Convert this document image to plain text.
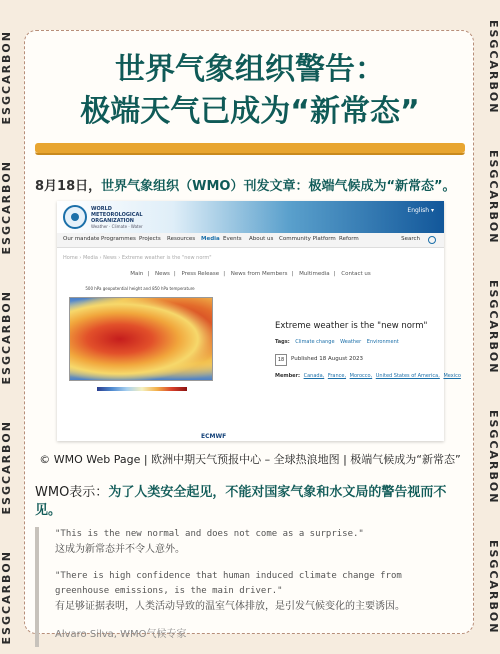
ESGCARBON
ESGCARBON
ESGCARBON
ESGCARBON
ESGCARBON
ESGCARBON
ESGCARBON
ESGCARBON
ESGCARBON
ESGCARBON
世界气象组织警告：
极端天气已成为“新常态”
8月18日，世界气象组织（WMO）刊发文章：极端气候成为“新常态”。
WORLD
METEOROLOGICAL
ORGANIZATION
Weather · Climate · Water
English ▾
Our mandate Programmes Projects Resources Media Events About us Community Platform Reform	Search
Home › Media › News › Extreme weather is the "new norm"
Main | News | Press Release | News from Members | Multimedia | Contact us
500 hPa geopotential height and 850 hPa temperature
ECMWF
Extreme weather is the "new norm"
Tags: Climate change Weather Environment
18	Published 18 August 2023
Member: Canada, France, Morocco, United States of America, Mexico
© WMO Web Page | 欧洲中期天气预报中心 – 全球热浪地图 | 极端气候成为“新常态”
WMO表示：为了人类安全起见，不能对国家气象和水文局的警告视而不见。
"This is the new normal and does not come as a surprise."
这成为新常态并不令人意外。
"There is high confidence that human induced climate change from greenhouse emissions, is the main driver."
有足够证据表明，人类活动导致的温室气体排放，是引发气候变化的主要诱因。
Alvaro Silva, WMO气候专家
